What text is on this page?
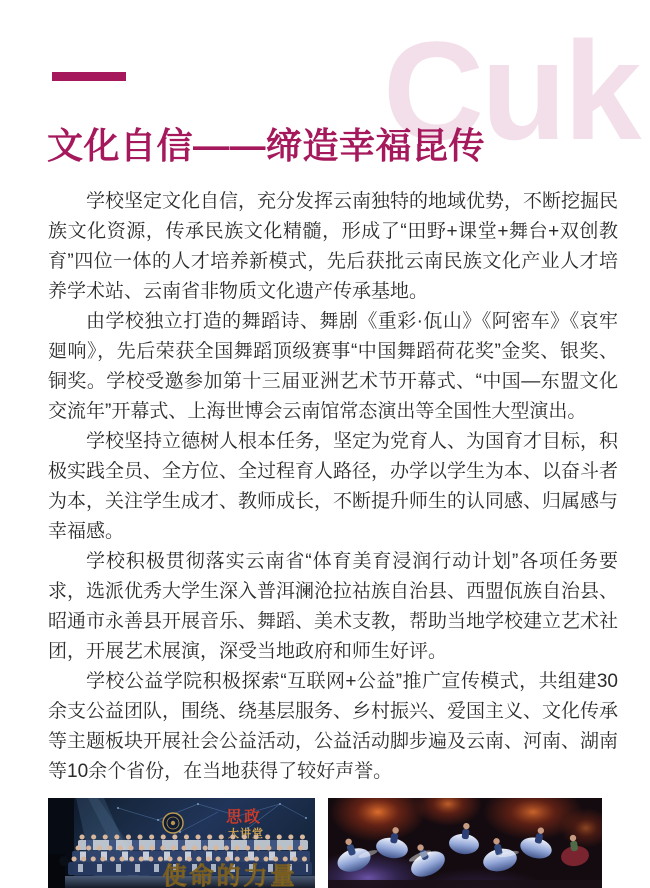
Cuk
文化自信——缔造幸福昆传

学校坚定文化自信，充分发挥云南独特的地域优势，不断挖掘民族文化资源，传承民族文化精髓，形成了“田野+课堂+舞台+双创教育”四位一体的人才培养新模式，先后获批云南民族文化产业人才培养学术站、云南省非物质文化遗产传承基地。

由学校独立打造的舞蹈诗、舞剧《重彩·佤山》《阿密车》《哀牢廻响》，先后荣获全国舞蹈顶级赛事“中国舞蹈荷花奖”金奖、银奖、铜奖。学校受邀参加第十三届亚洲艺术节开幕式、“中国—东盟文化交流年”开幕式、上海世博会云南馆常态演出等全国性大型演出。

学校坚持立德树人根本任务，坚定为党育人、为国育才目标，积极实践全员、全方位、全过程育人路径，办学以学生为本、以奋斗者为本，关注学生成才、教师成长，不断提升师生的认同感、归属感与幸福感。

学校积极贯彻落实云南省“体育美育浸润行动计划”各项任务要求，选派优秀大学生深入普洱澜沧拉祜族自治县、西盟佤族自治县、昭通市永善县开展音乐、舞蹈、美术支教，帮助当地学校建立艺术社团，开展艺术展演，深受当地政府和师生好评。

学校公益学院积极探索“互联网+公益”推广宣传模式，共组建30余支公益团队，围绕、绕基层服务、乡村振兴、爱国主义、文化传承等主题板块开展社会公益活动，公益活动脚步遍及云南、河南、湖南等10余个省份，在当地获得了较好声誉。

思政
大讲堂
使命的力量
